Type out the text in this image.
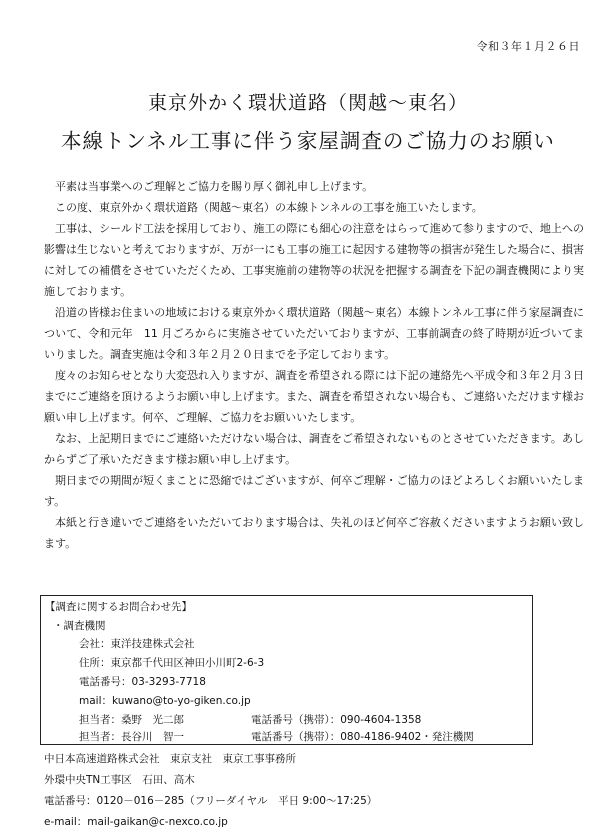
令和３年１月２６日
東京外かく環状道路（関越～東名）
本線トンネル工事に伴う家屋調査のご協力のお願い

平素は当事業へのご理解とご協力を賜り厚く御礼申し上げます。

この度、東京外かく環状道路（関越～東名）の本線トンネルの工事を施工いたします。

工事は、シールド工法を採用しており、施工の際にも細心の注意をはらって進めて参りますので、地上への影響は生じないと考えておりますが、万が一にも工事の施工に起因する建物等の損害が発生した場合に、損害に対しての補償をさせていただくため、工事実施前の建物等の状況を把握する調査を下記の調査機関により実施しております。

沿道の皆様お住まいの地域における東京外かく環状道路（関越～東名）本線トンネル工事に伴う家屋調査について、令和元年　11 月ごろからに実施させていただいておりますが、工事前調査の終了時期が近づいてまいりました。調査実施は令和３年２月２０日までを予定しております。

度々のお知らせとなり大変恐れ入りますが、調査を希望される際には下記の連絡先へ平成令和３年２月３日までにご連絡を頂けるようお願い申し上げます。また、調査を希望されない場合も、ご連絡いただけます様お願い申し上げます。何卒、ご理解、ご協力をお願いいたします。

なお、上記期日までにご連絡いただけない場合は、調査をご希望されないものとさせていただきます。あしからずご了承いただきます様お願い申し上げます。

期日までの期間が短くまことに恐縮ではございますが、何卒ご理解・ご協力のほどよろしくお願いいたします。

本紙と行き違いでご連絡をいただいております場合は、失礼のほど何卒ご容赦くださいますようお願い致します。

【調査に関するお問合わせ先】
・調査機関
会社：東洋技建株式会社
住所：東京都千代田区神田小川町2-6-3
電話番号：03-3293-7718
mail：kuwano@to-yo-giken.co.jp
担当者：桑野　光二郎	電話番号（携帯）：090-4604-1358
担当者：長谷川　智一	電話番号（携帯）：080-4186-9402・発注機関
中日本高速道路株式会社　東京支社　東京工事事務所
外環中央TN工事区　石田、高木
電話番号：0120－016－285（フリーダイヤル　平日 9:00～17:25）
e-mail：mail-gaikan@c-nexco.co.jp
